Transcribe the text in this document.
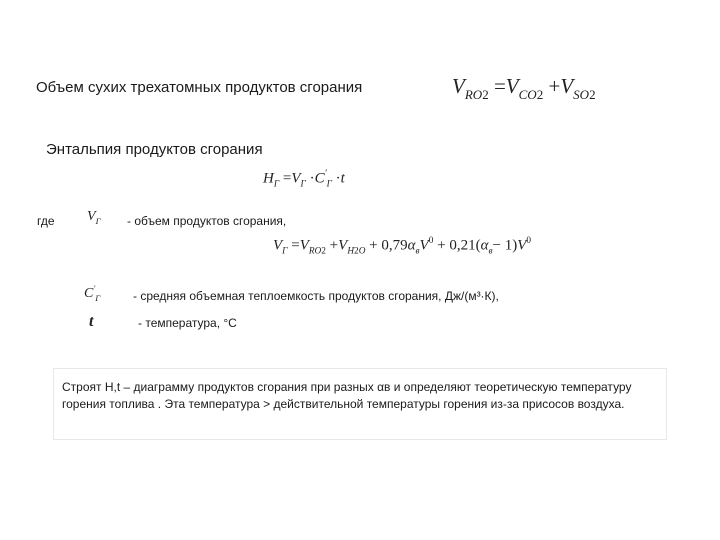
Объем сухих трехатомных продуктов сгорания	$V_{RO2} =V_{CO2} +V_{SO2}$
Энтальпия продуктов сгорания
$H_Г =V_Г \cdot C'_Г \cdot t$
где $V_Г$ - объем продуктов сгорания,
$V_Г =V_{RO2} +V_{H2O} + 0,79\alpha_вV^0 + 0,21(\alpha_в- 1)V^0$
$C'_Г$	- средняя объемная теплоемкость продуктов сгорания, Дж/(м³·К),
t	- температура, °С
Строят H,t – диаграмму продуктов сгорания при разных αв и определяют теоретическую температуру горения топлива . Эта температура > действительной температуры горения из-за присосов воздуха.
